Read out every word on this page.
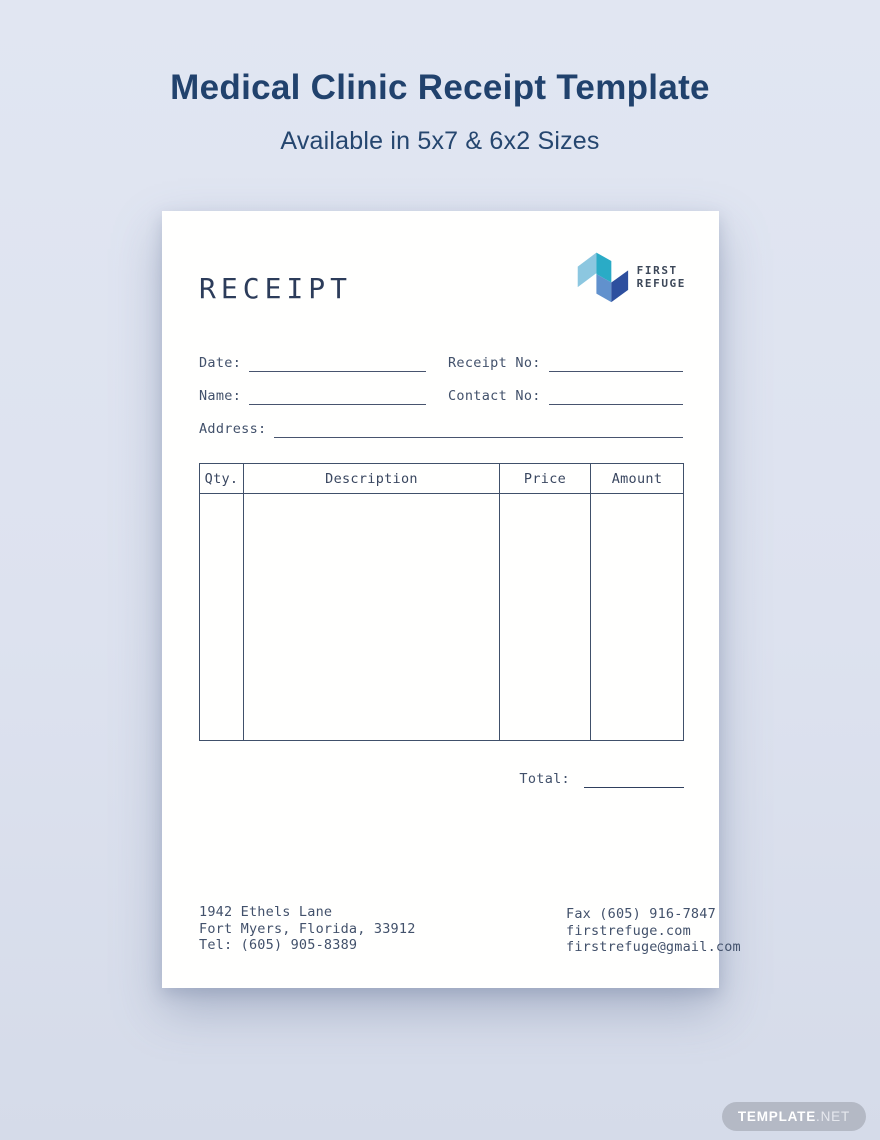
Medical Clinic Receipt Template
Available in 5x7 & 6x2 Sizes
RECEIPT
FIRST
REFUGE
Date:	Receipt No:
Name:	Contact No:
Address:
Qty.	Description	Price	Amount
Total:
1942 Ethels Lane
Fort Myers, Florida, 33912
Tel: (605) 905-8389
Fax (605) 916-7847
firstrefuge.com
firstrefuge@gmail.com
TEMPLATE .NET
